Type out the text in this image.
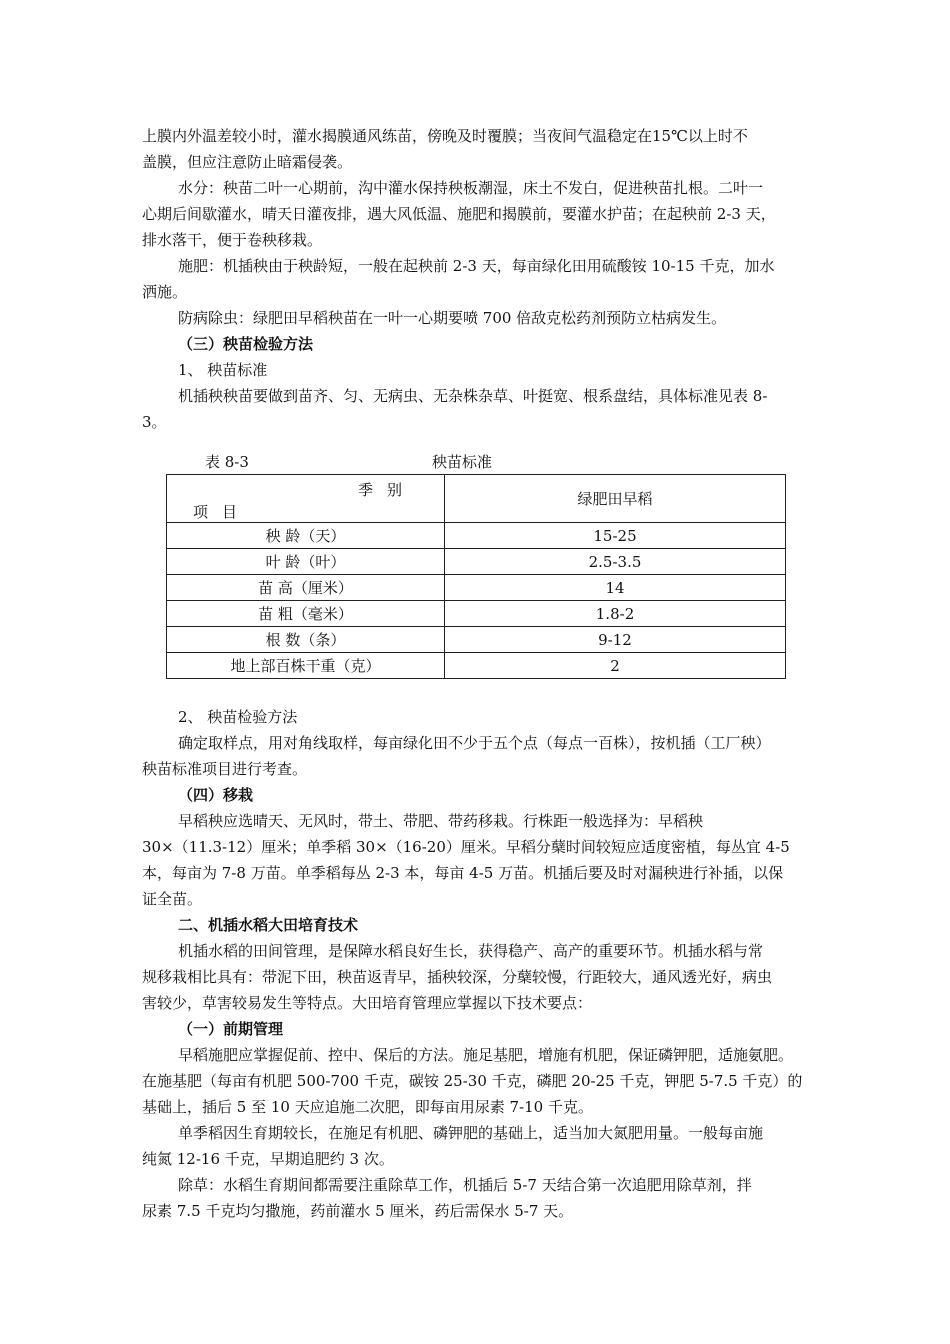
上膜内外温差较小时，灌水揭膜通风练苗，傍晚及时覆膜；当夜间气温稳定在15℃以上时不
盖膜，但应注意防止暗霜侵袭。
水分：秧苗二叶一心期前，沟中灌水保持秧板潮湿，床土不发白，促进秧苗扎根。二叶一
心期后间歇灌水，晴天日灌夜排，遇大风低温、施肥和揭膜前，要灌水护苗；在起秧前 2-3 天，
排水落干，便于卷秧移栽。
施肥：机插秧由于秧龄短，一般在起秧前 2-3 天，每亩绿化田用硫酸铵 10-15 千克，加水
洒施。
防病除虫：绿肥田早稻秧苗在一叶一心期要喷 700 倍敌克松药剂预防立枯病发生。
（三）秧苗检验方法
1、 秧苗标准
机插秧秧苗要做到苗齐、匀、无病虫、无杂株杂草、叶挺宽、根系盘结，具体标准见表 8-
3。
表 8-3	秧苗标准
季别
项目	绿肥田早稻
秧 龄（天）	15-25
叶 龄（叶）	2.5-3.5
苗 高（厘米）	14
苗 粗（毫米）	1.8-2
根 数（条）	9-12
地上部百株干重（克）	2
2、 秧苗检验方法
确定取样点，用对角线取样，每亩绿化田不少于五个点（每点一百株），按机插（工厂秧）
秧苗标准项目进行考查。
（四）移栽
早稻秧应选晴天、无风时，带土、带肥、带药移栽。行株距一般选择为：早稻秧
30×（11.3-12）厘米；单季稻 30×（16-20）厘米。早稻分蘖时间较短应适度密植，每丛宜 4-5
本，每亩为 7-8 万苗。单季稻每丛 2-3 本，每亩 4-5 万苗。机插后要及时对漏秧进行补插，以保
证全苗。
二、机插水稻大田培育技术
机插水稻的田间管理，是保障水稻良好生长，获得稳产、高产的重要环节。机插水稻与常
规移栽相比具有：带泥下田，秧苗返青早，插秧较深，分蘖较慢，行距较大，通风透光好，病虫
害较少，草害较易发生等特点。大田培育管理应掌握以下技术要点：
（一）前期管理
早稻施肥应掌握促前、控中、保后的方法。施足基肥，增施有机肥，保证磷钾肥，适施氨肥。
在施基肥（每亩有机肥 500-700 千克，碳铵 25-30 千克，磷肥 20-25 千克，钾肥 5-7.5 千克）的
基础上，插后 5 至 10 天应追施二次肥，即每亩用尿素 7-10 千克。
单季稻因生育期较长，在施足有机肥、磷钾肥的基础上，适当加大氮肥用量。一般每亩施
纯氮 12-16 千克，早期追肥约 3 次。
除草：水稻生育期间都需要注重除草工作，机插后 5-7 天结合第一次追肥用除草剂，拌
尿素 7.5 千克均匀撒施，药前灌水 5 厘米，药后需保水 5-7 天。
